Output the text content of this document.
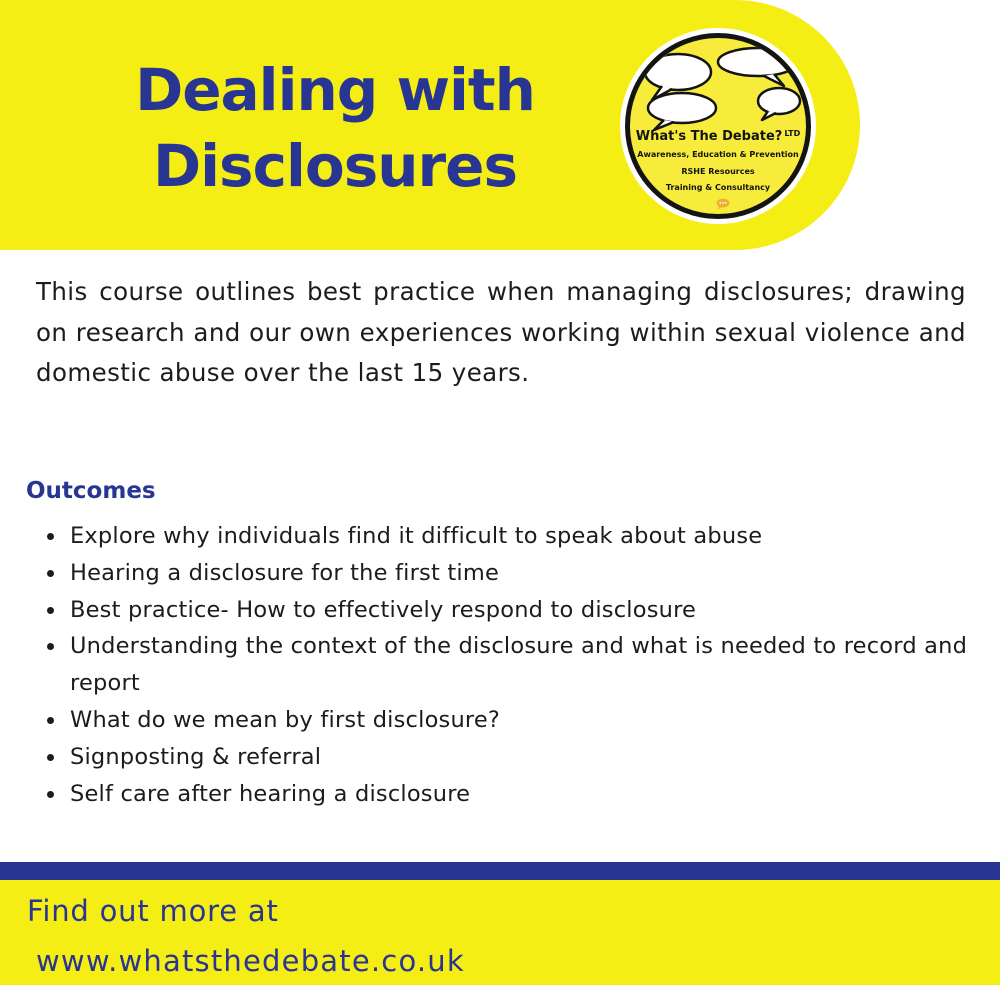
Dealing with
Disclosures	What's The Debate? $^{LTD}$
Awareness, Education & Prevention
RSHE Resources
Training & Consultancy

This course outlines best practice when managing disclosures; drawing on research and our own experiences working within sexual violence and domestic abuse over the last 15 years.

Outcomes
Explore why individuals find it difficult to speak about abuse
Hearing a disclosure for the first time
Best practice- How to effectively respond to disclosure
Understanding the context of the disclosure and what is needed to record and report
What do we mean by first disclosure?
Signposting & referral
Self care after hearing a disclosure

Find out more at

www.whatsthedebate.co.uk
